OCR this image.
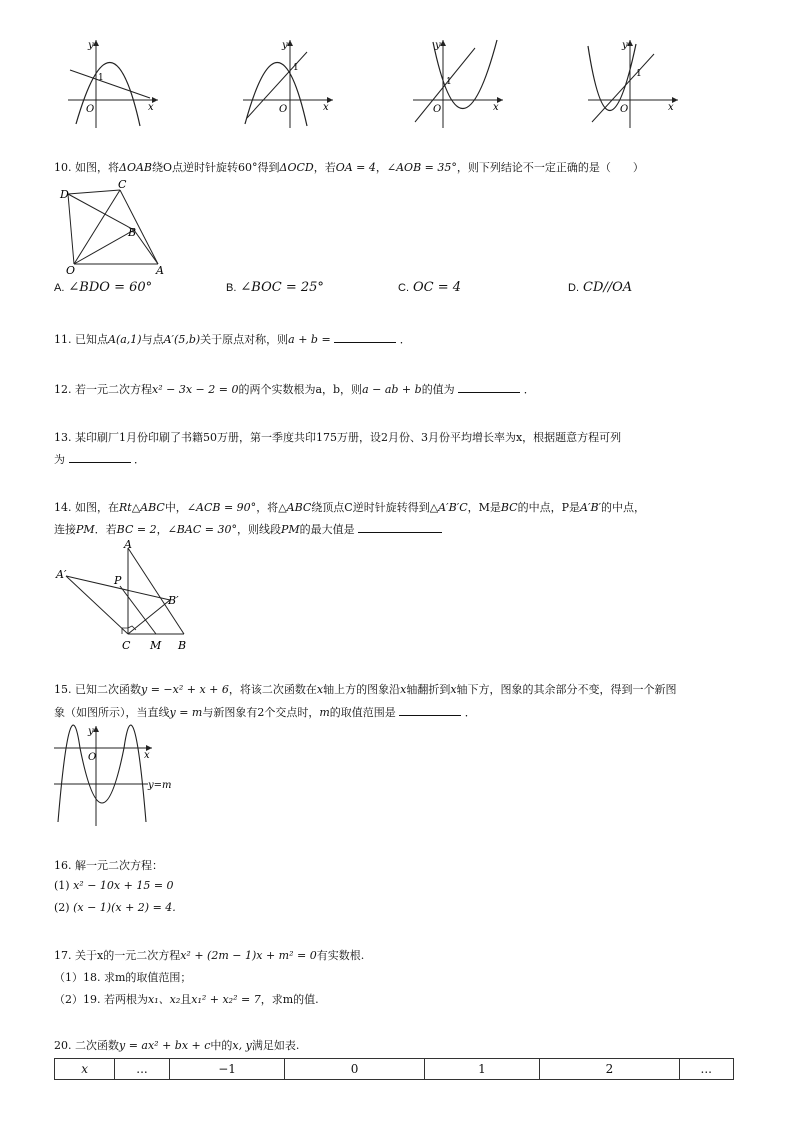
y
x
O
1
y
x
O
1
y
x
O
1
y
x
O
1
10. 如图，将ΔOAB绕O点逆时针旋转60°得到ΔOCD，若OA = 4，∠AOB = 35°，则下列结论不一定正确的是（　　）
D
C
B
O	A
A. ∠BDO = 60°	B. ∠BOC = 25°	C. OC = 4	D. CD//OA
11. 已知点A(a,1)与点A′(5,b)关于原点对称，则a + b =	．
12. 若一元二次方程x² − 3x − 2 = 0的两个实数根为a，b，则a − ab + b的值为	．
13. 某印刷厂1月份印刷了书籍50万册，第一季度共印175万册，设2月份、3月份平均增长率为x，根据题意方程可列
为	．
14. 如图，在Rt△ABC中，∠ACB = 90°，将△ABC绕顶点C逆时针旋转得到△A′B′C，M是BC的中点，P是A′B′的中点，
连接PM．若BC = 2，∠BAC = 30°，则线段PM的最大值是
A
A′	P
B′
C M B
15. 已知二次函数y = −x² + x + 6，将该二次函数在x轴上方的图象沿x轴翻折到x轴下方，图象的其余部分不变，得到一个新图
象（如图所示），当直线y = m与新图象有2个交点时，m的取值范围是	．
y
O	x
y=m
16. 解一元二次方程：
(1) x² − 10x + 15 = 0
(2) (x − 1)(x + 2) = 4.
17. 关于x的一元二次方程x² + (2m − 1)x + m² = 0有实数根.
（1）18. 求m的取值范围；
（2）19. 若两根为x₁、x₂且x₁² + x₂² = 7，求m的值.
20. 二次函数y = ax² + bx + c中的x, y满足如表.
x	...	−1	0	1	2	...
